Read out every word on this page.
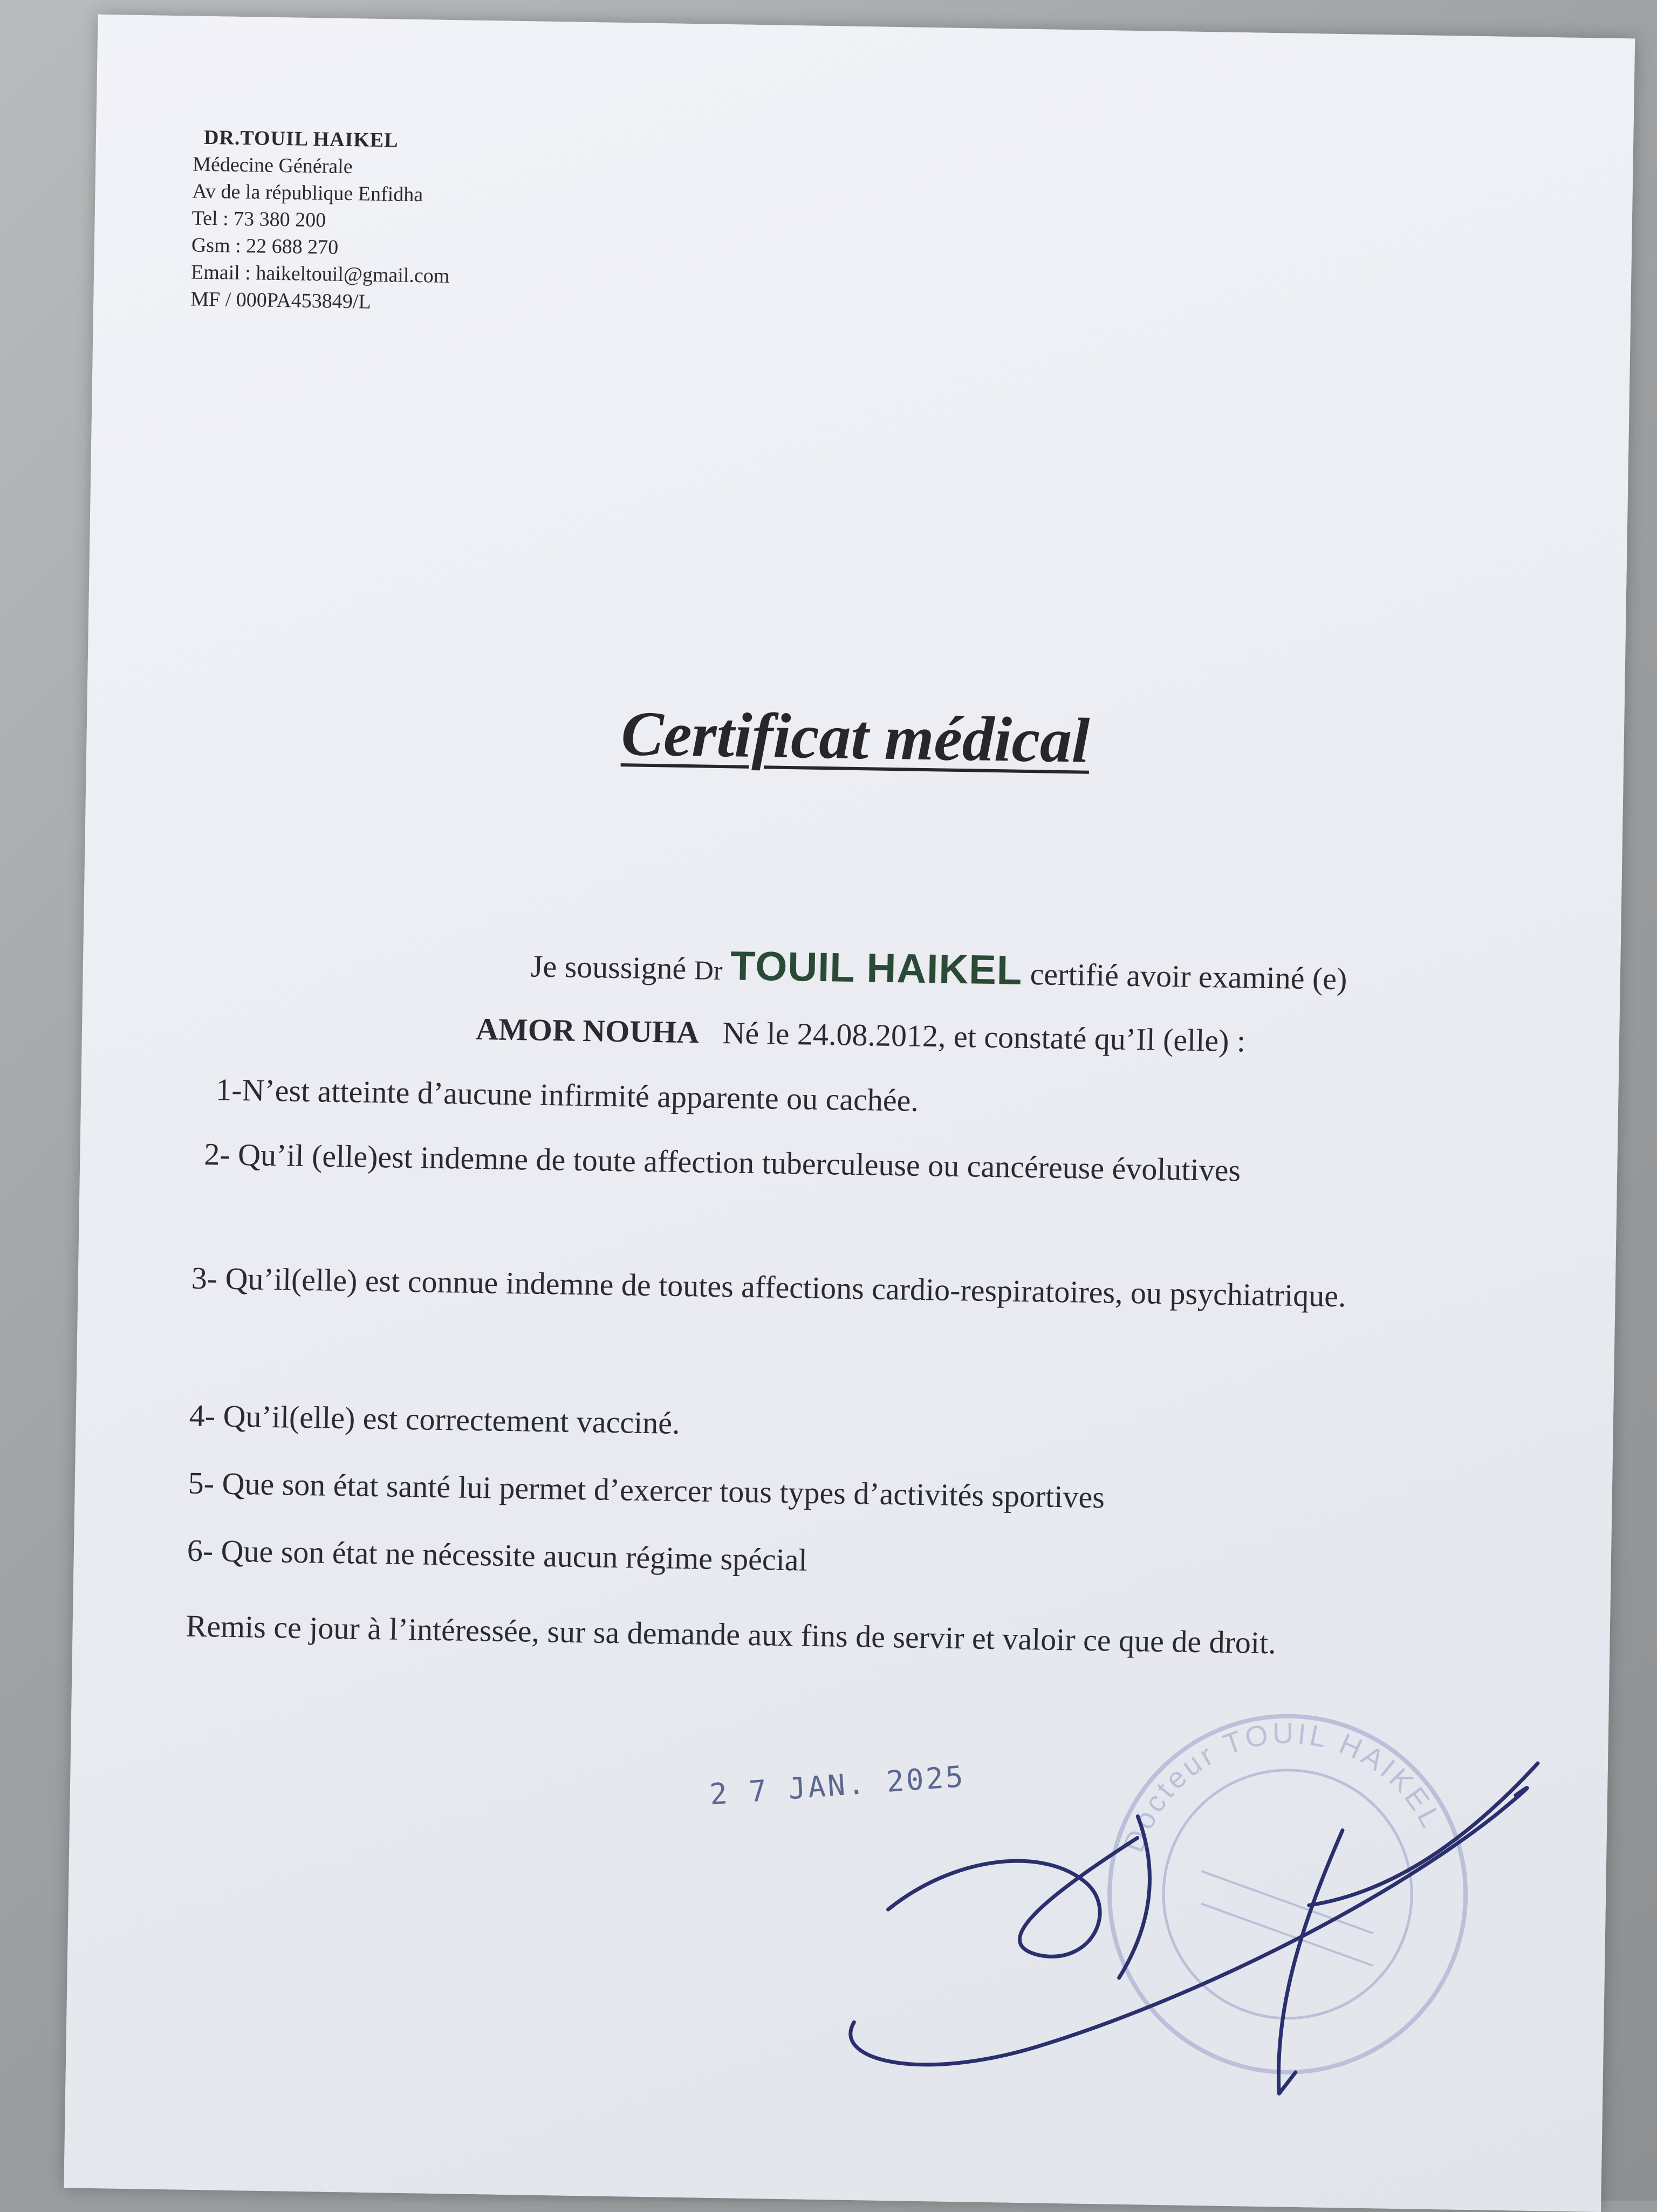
DR.TOUIL HAIKEL
Médecine Générale
Av de la république Enfidha
Tel : 73 380 200
Gsm : 22 688 270
Email : haikeltouil@gmail.com
MF / 000PA453849/L
Certificat médical
Je soussigné Dr TOUIL HAIKEL certifié avoir examiné (e)
AMOR NOUHA Né le 24.08.2012, et constaté qu’Il (elle) :
1-N’est atteinte d’aucune infirmité apparente ou cachée.
2- Qu’il (elle)est indemne de toute affection tuberculeuse ou cancéreuse évolutives
3- Qu’il(elle) est connue indemne de toutes affections cardio-respiratoires, ou psychiatrique.
4- Qu’il(elle) est correctement vacciné.
5- Que son état santé lui permet d’exercer tous types d’activités sportives
6- Que son état ne nécessite aucun régime spécial
Remis ce jour à l’intéressée, sur sa demande aux fins de servir et valoir ce que de droit.
2 7 JAN. 2025
Docteur TOUIL HAIKEL
